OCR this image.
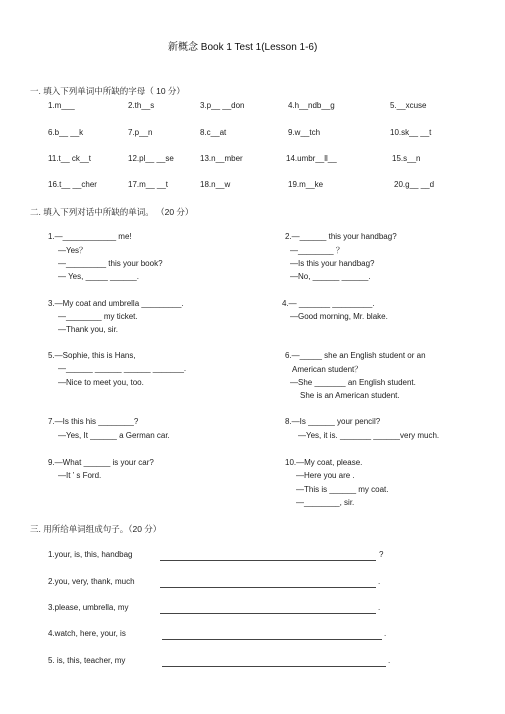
新概念 Book 1 Test 1(Lesson 1-6)
一. 填入下列单词中所缺的字母（ 10 分）
1.m___	2.th__s	3.p__ __don	4.h__ndb__g	5.__xcuse
6.b__ __k	7.p__n	8.c__at	9.w__tch	10.sk__ __t
11.t__ ck__t	12.pl__ __se	13.n__mber	14.umbr__ll__	15.s__n
16.t__ __cher	17.m__ __t	18.n__w	19.m__ke	20.g__ __d
二. 填入下列对话中所缺的单词。 （20 分）
1.—____________ me!
—Yes？
—_________ this your book?
— Yes, _____ ______.
3.—My coat and umbrella _________.
—________ my ticket.
—Thank you, sir.
5.—Sophie, this is Hans,
—______ ______ ______ _______.
—Nice to meet you, too.
7.—Is this his ________?
—Yes, It ______ a German car.
9.—What ______ is your car?
—It ’ s Ford.
2.—______ this your handbag?
—________ ？
—Is this your handbag?
—No, ______ ______.
4.— _______ _________.
—Good morning, Mr. blake.
6.—_____ she an English student or an
American student？
—She _______ an English student.
She is an American student.
8.—Is ______ your pencil?
—Yes, it is. _______ ______very much.
10.—My coat, please.
—Here you are .
—This is ______ my coat.
—________, sir.
三. 用所给单词组成句子。（20 分）
1.your, is, this, handbag	?
2.you, very, thank, much	.
3.please, umbrella, my	.
4.watch, here, your, is	.
5. is, this, teacher, my	.
